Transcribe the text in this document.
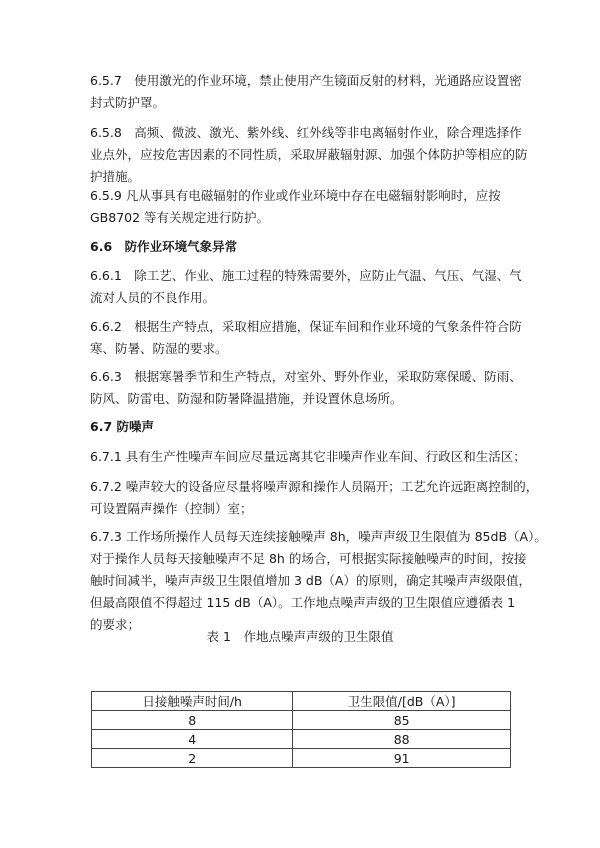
6.5.7　使用激光的作业环境，禁止使用产生镜面反射的材料，光通路应设置密
封式防护罩。

6.5.8　高频、微波、激光、紫外线、红外线等非电离辐射作业，除合理选择作
业点外，应按危害因素的不同性质，采取屏蔽辐射源、加强个体防护等相应的防
护措施。

6.5.9 凡从事具有电磁辐射的作业或作业环境中存在电磁辐射影响时，应按
GB8702 等有关规定进行防护。

6.6　防作业环境气象异常

6.6.1　除工艺、作业、施工过程的特殊需要外，应防止气温、气压、气湿、气
流对人员的不良作用。

6.6.2　根据生产特点，采取相应措施，保证车间和作业环境的气象条件符合防
寒、防暑、防湿的要求。

6.6.3　根据寒暑季节和生产特点，对室外、野外作业，采取防寒保暖、防雨、
防风、防雷电、防湿和防暑降温措施，并设置休息场所。

6.7 防噪声

6.7.1 具有生产性噪声车间应尽量远离其它非噪声作业车间、行政区和生活区；

6.7.2 噪声较大的设备应尽量将噪声源和操作人员隔开；工艺允许远距离控制的，
可设置隔声操作（控制）室；

6.7.3 工作场所操作人员每天连续接触噪声 8h，噪声声级卫生限值为 85dB（A）。
对于操作人员每天接触噪声不足 8h 的场合，可根据实际接触噪声的时间，按接
触时间减半，噪声声级卫生限值增加 3 dB（A）的原则，确定其噪声声级限值，
但最高限值不得超过 115 dB（A）。工作地点噪声声级的卫生限值应遵循表 1
的要求；

表 1　作地点噪声声级的卫生限值

日接触噪声时间/h	卫生限值/[dB（A）]
8	85
4	88
2	91
